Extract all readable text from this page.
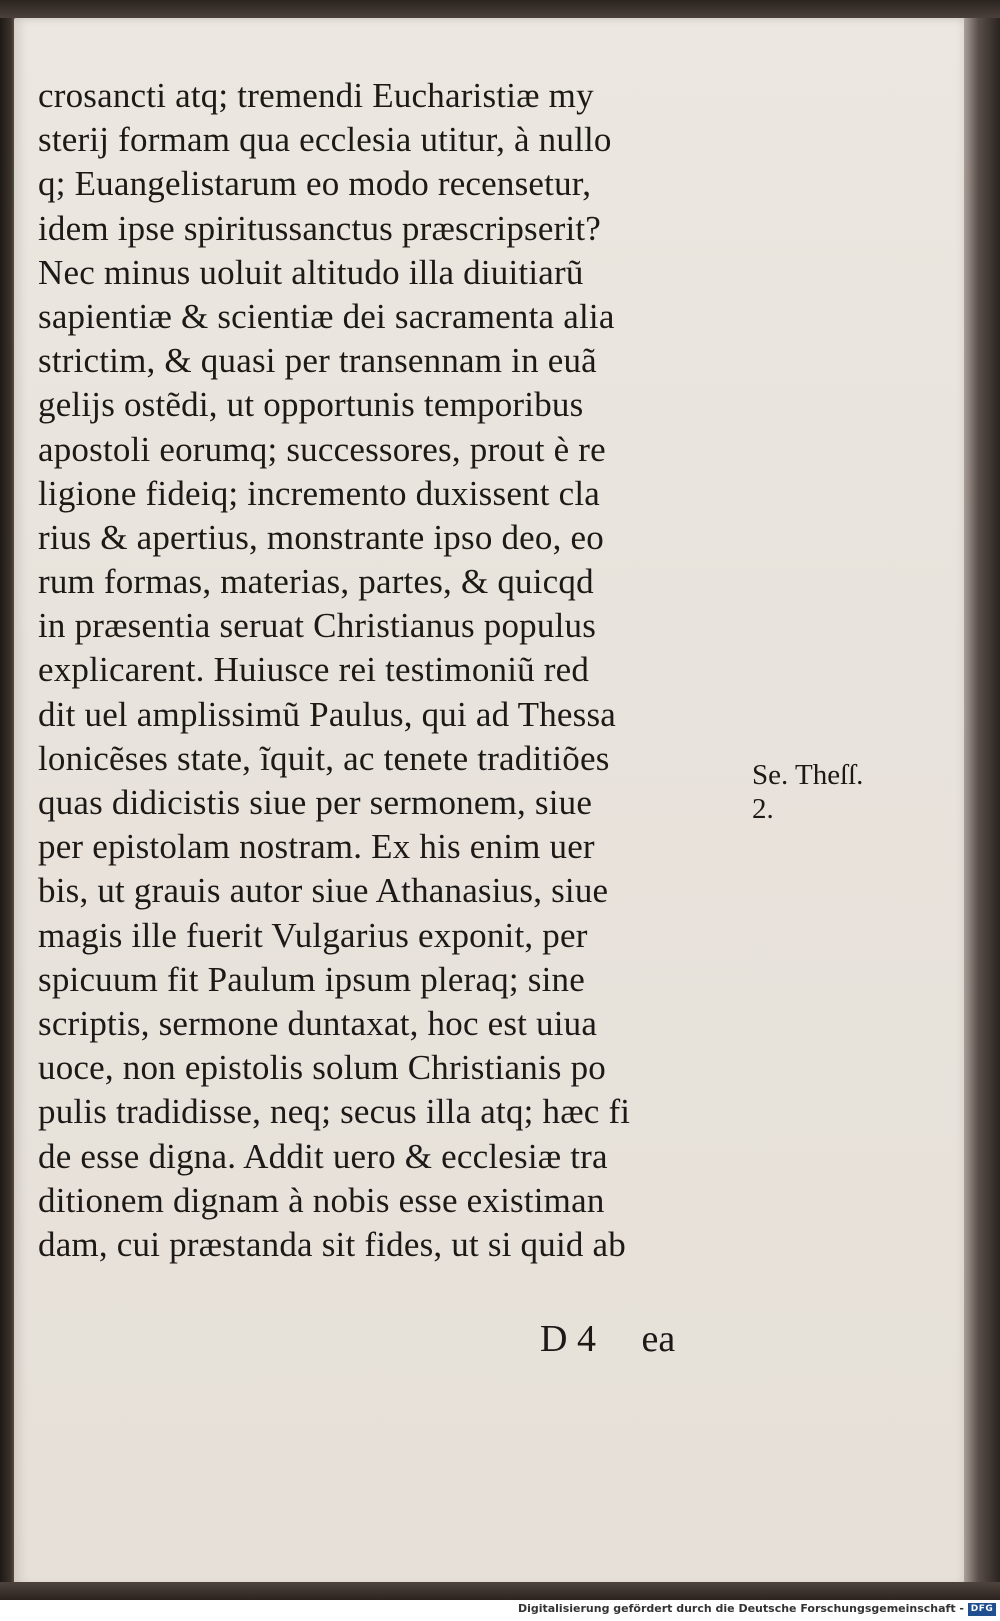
crosancti atq; tremendi Eucharistiæ my
sterij formam qua ecclesia utitur, à nullo
q; Euangelistarum eo modo recensetur,
idem ipse spiritussanctus præscripserit?
Nec minus uoluit altitudo illa diuitiarũ
sapientiæ & scientiæ dei sacramenta alia
strictim, & quasi per transennam in euã
gelijs ostẽdi, ut opportunis temporibus
apostoli eorumq; successores, prout è re
ligione fideiq; incremento duxissent cla
rius & apertius, monstrante ipso deo, eo
rum formas, materias, partes, & quicqd
in præsentia seruat Christianus populus
explicarent. Huiusce rei testimoniũ red
dit uel amplissimũ Paulus, qui ad Thessa
lonicẽses state, ĩquit, ac tenete traditiões
quas didicistis siue per sermonem, siue
per epistolam nostram. Ex his enim uer
bis, ut grauis autor siue Athanasius, siue
magis ille fuerit Vulgarius exponit, per
spicuum fit Paulum ipsum pleraq; sine
scriptis, sermone duntaxat, hoc est uiua
uoce, non epistolis solum Christianis po
pulis tradidisse, neq; secus illa atq; hæc fi
de esse digna. Addit uero & ecclesiæ tra
ditionem dignam à nobis esse existiman
dam, cui præstanda sit fides, ut si quid ab
Se. Theſſ.
2.
D 4 ea
Digitalisierung gefördert durch die Deutsche Forschungsgemeinschaft - DFG
